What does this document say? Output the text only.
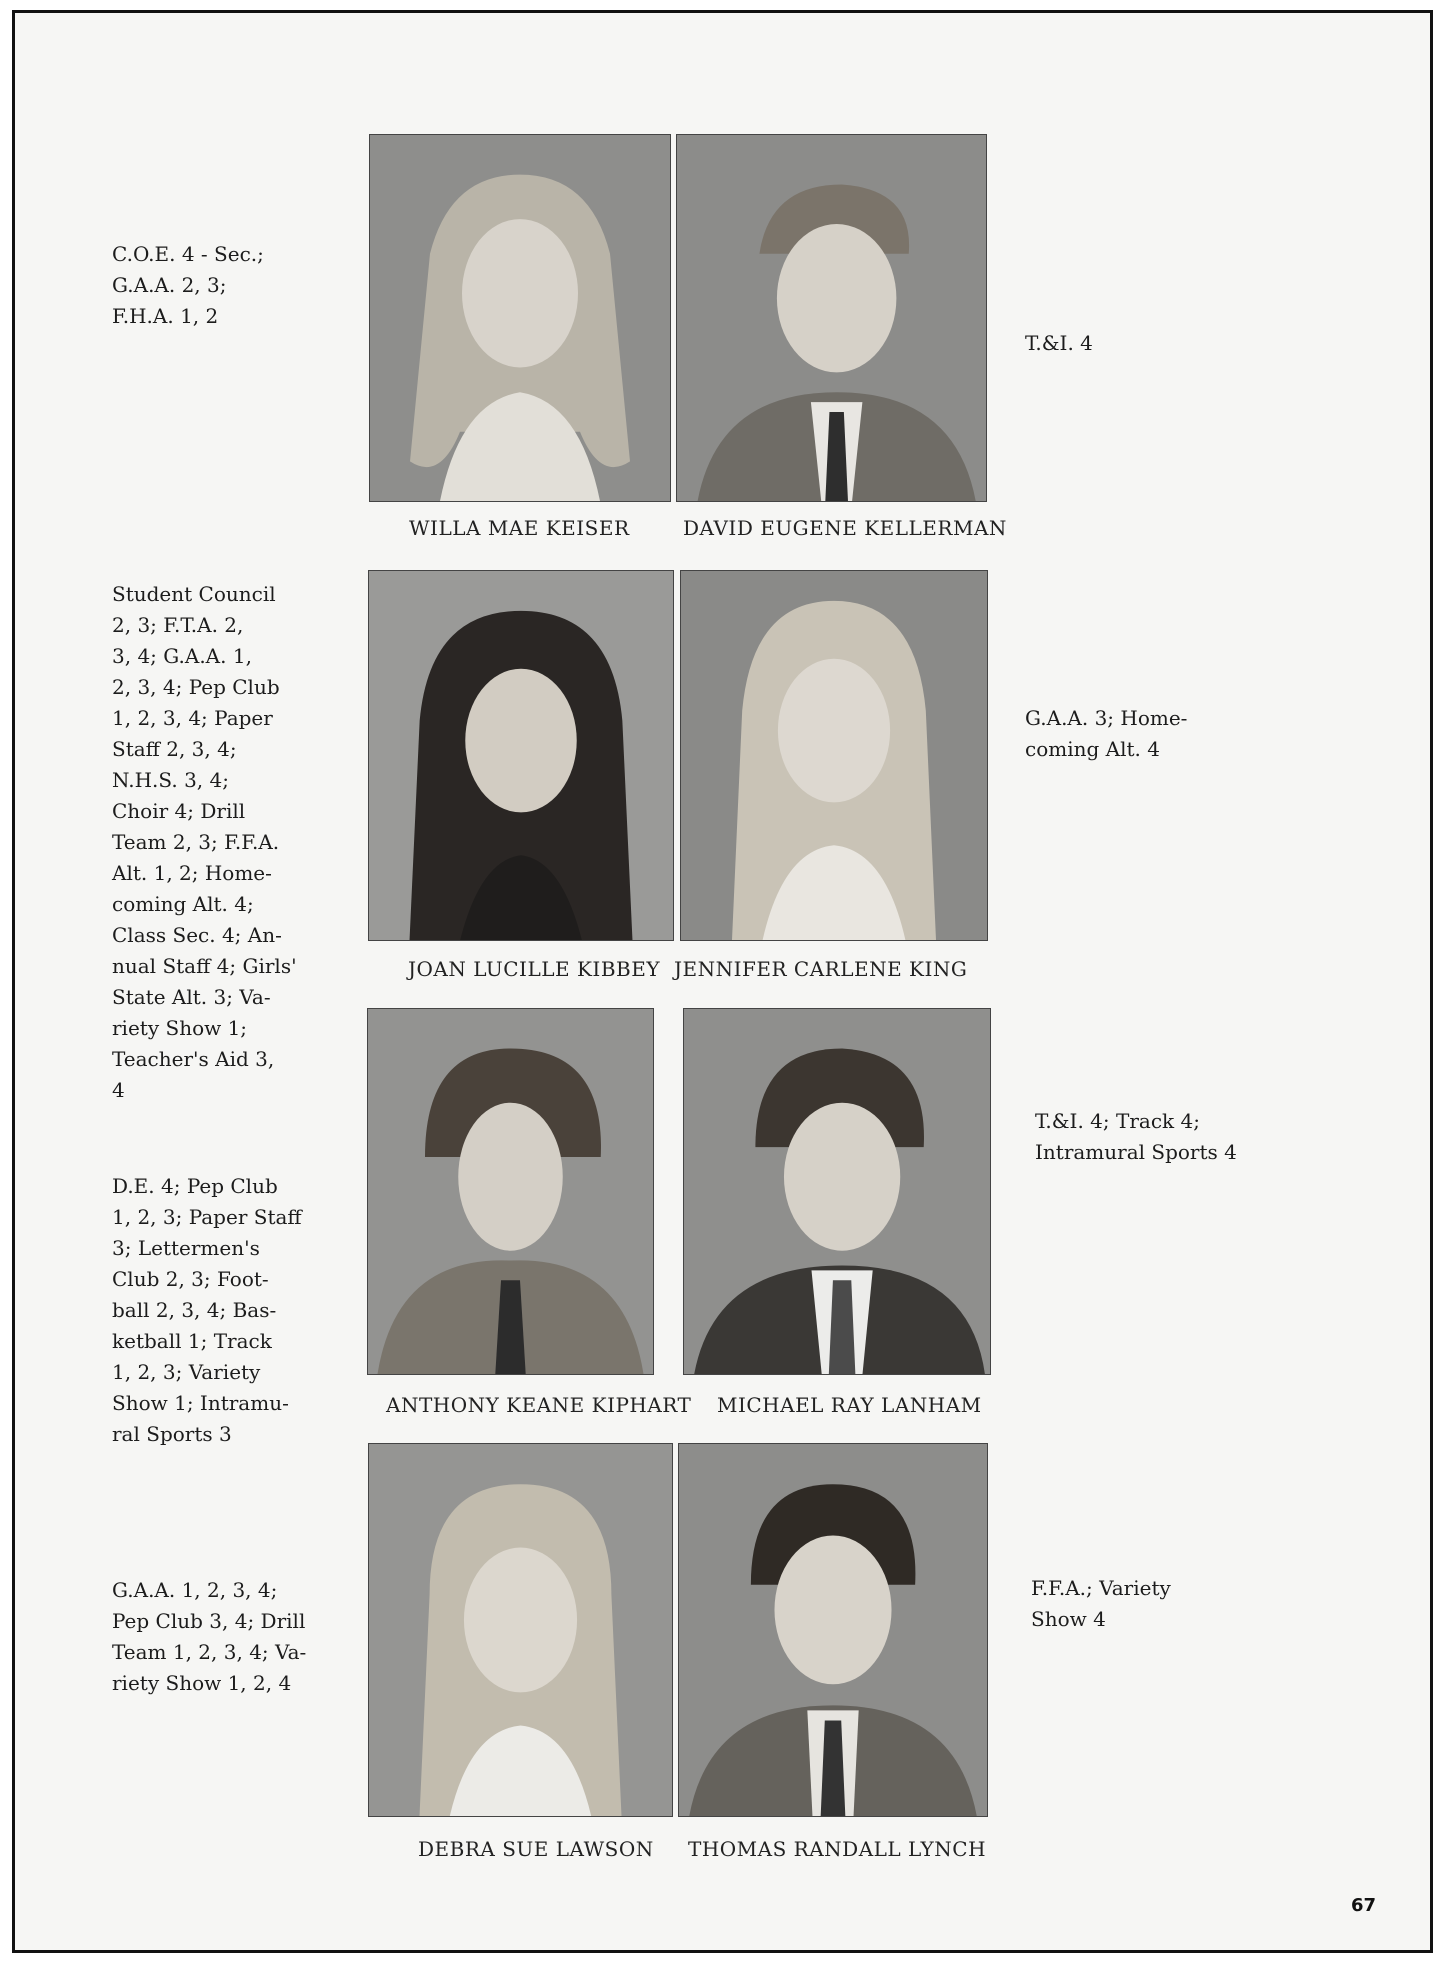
WILLA MAE KEISER	DAVID EUGENE KELLERMAN
JOAN LUCILLE KIBBEY JENNIFER CARLENE KING
ANTHONY KEANE KIPHART MICHAEL RAY LANHAM
DEBRA SUE LAWSON THOMAS RANDALL LYNCH
C.O.E. 4 - Sec.;
G.A.A. 2, 3;
F.H.A. 1, 2
T.&I. 4
Student Council
2, 3; F.T.A. 2,
3, 4; G.A.A. 1,
2, 3, 4; Pep Club
1, 2, 3, 4; Paper
Staff 2, 3, 4;
N.H.S. 3, 4;
Choir 4; Drill
Team 2, 3; F.F.A.
Alt. 1, 2; Home-
coming Alt. 4;
Class Sec. 4; An-
nual Staff 4; Girls'
State Alt. 3; Va-
riety Show 1;
Teacher's Aid 3,
4
G.A.A. 3; Home-
coming Alt. 4
D.E. 4; Pep Club
1, 2, 3; Paper Staff
3; Lettermen's
Club 2, 3; Foot-
ball 2, 3, 4; Bas-
ketball 1; Track
1, 2, 3; Variety
Show 1; Intramu-
ral Sports 3
T.&I. 4; Track 4;
Intramural Sports 4
G.A.A. 1, 2, 3, 4;
Pep Club 3, 4; Drill
Team 1, 2, 3, 4; Va-
riety Show 1, 2, 4
F.F.A.; Variety
Show 4
67
